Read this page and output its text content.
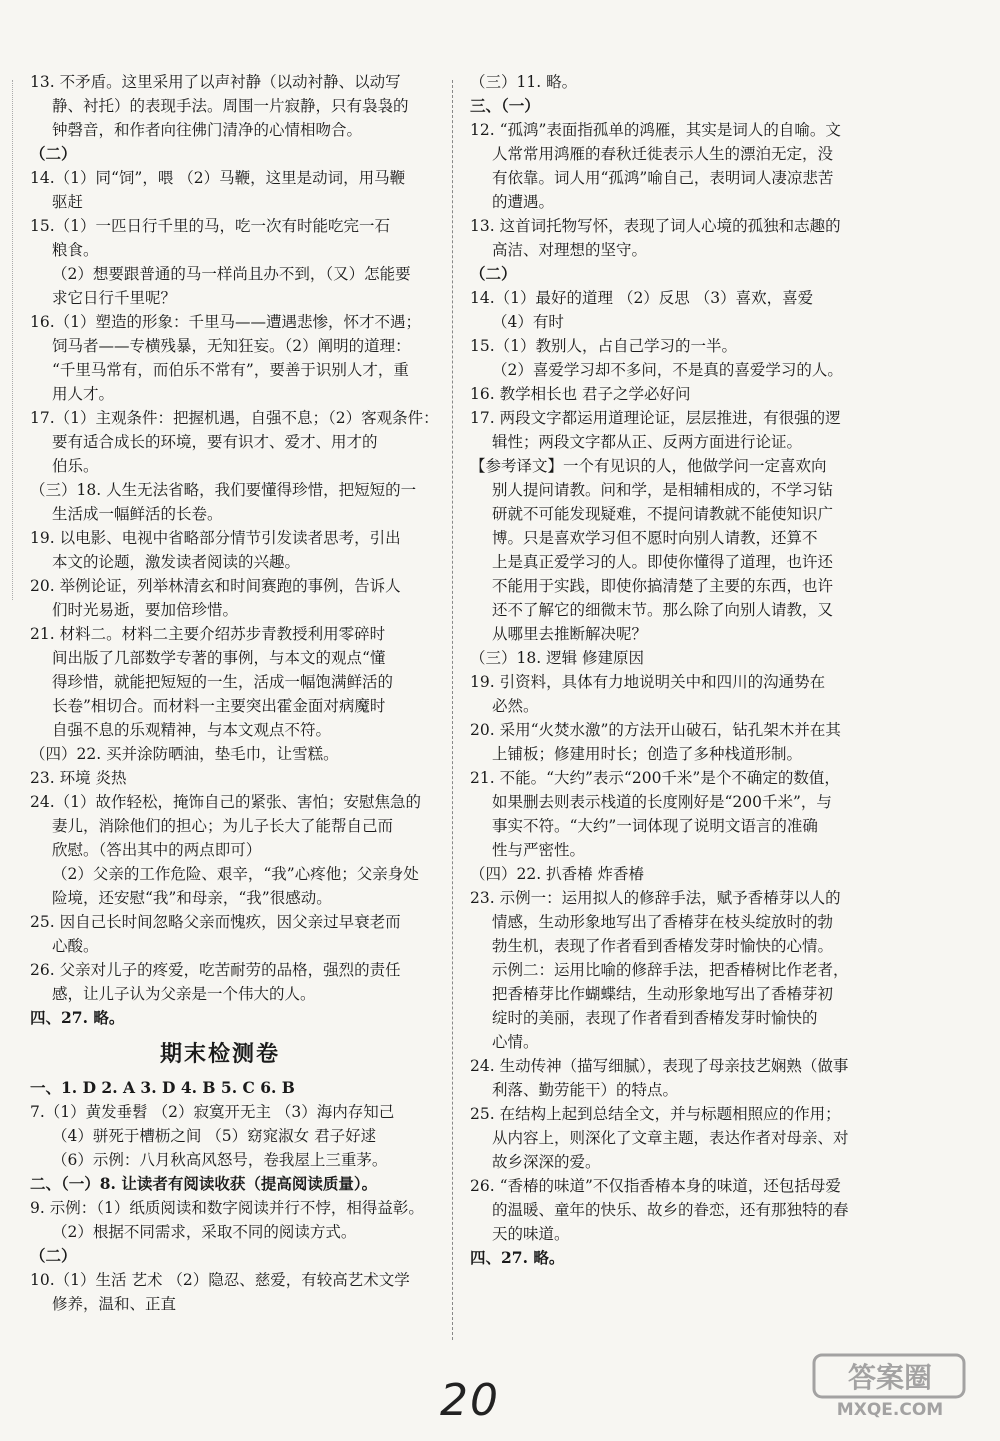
13. 不矛盾。这里采用了以声衬静（以动衬静、以动写
静、衬托）的表现手法。周围一片寂静，只有袅袅的
钟磬音，和作者向往佛门清净的心情相吻合。
（二）
14.（1）同“饲”，喂 （2）马鞭，这里是动词，用马鞭
驱赶
15.（1）一匹日行千里的马，吃一次有时能吃完一石
粮食。
（2）想要跟普通的马一样尚且办不到，（又）怎能要
求它日行千里呢？
16.（1）塑造的形象：千里马——遭遇悲惨，怀才不遇；
饲马者——专横残暴，无知狂妄。（2）阐明的道理：
“千里马常有，而伯乐不常有”，要善于识别人才，重
用人才。
17.（1）主观条件：把握机遇，自强不息；（2）客观条件：
要有适合成长的环境，要有识才、爱才、用才的
伯乐。
（三）18. 人生无法省略，我们要懂得珍惜，把短短的一
生活成一幅鲜活的长卷。
19. 以电影、电视中省略部分情节引发读者思考，引出
本文的论题，激发读者阅读的兴趣。
20. 举例论证，列举林清玄和时间赛跑的事例，告诉人
们时光易逝，要加倍珍惜。
21. 材料二。材料二主要介绍苏步青教授利用零碎时
间出版了几部数学专著的事例，与本文的观点“懂
得珍惜，就能把短短的一生，活成一幅饱满鲜活的
长卷”相切合。而材料一主要突出霍金面对病魔时
自强不息的乐观精神，与本文观点不符。
（四）22. 买并涂防晒油，垫毛巾，让雪糕。
23. 环境 炎热
24.（1）故作轻松，掩饰自己的紧张、害怕；安慰焦急的
妻儿，消除他们的担心；为儿子长大了能帮自己而
欣慰。（答出其中的两点即可）
（2）父亲的工作危险、艰辛，“我”心疼他；父亲身处
险境，还安慰“我”和母亲，“我”很感动。
25. 因自己长时间忽略父亲而愧疚，因父亲过早衰老而
心酸。
26. 父亲对儿子的疼爱，吃苦耐劳的品格，强烈的责任
感，让儿子认为父亲是一个伟大的人。
四、27. 略。
期末检测卷
一、1. D 2. A 3. D 4. B 5. C 6. B
7.（1）黄发垂髫 （2）寂寞开无主 （3）海内存知己
（4）骈死于槽枥之间 （5）窈窕淑女 君子好逑
（6）示例：八月秋高风怒号，卷我屋上三重茅。
二、（一）8. 让读者有阅读收获（提高阅读质量）。
9. 示例：（1）纸质阅读和数字阅读并行不悖，相得益彰。
（2）根据不同需求，采取不同的阅读方式。
（二）
10.（1）生活 艺术 （2）隐忍、慈爱，有较高艺术文学
修养，温和、正直
（三）11. 略。
三、（一）
12. “孤鸿”表面指孤单的鸿雁，其实是词人的自喻。文
人常常用鸿雁的春秋迁徙表示人生的漂泊无定，没
有依靠。词人用“孤鸿”喻自己，表明词人凄凉悲苦
的遭遇。
13. 这首词托物写怀，表现了词人心境的孤独和志趣的
高洁、对理想的坚守。
（二）
14.（1）最好的道理 （2）反思 （3）喜欢，喜爱
（4）有时
15.（1）教别人，占自己学习的一半。
（2）喜爱学习却不多问，不是真的喜爱学习的人。
16. 教学相长也 君子之学必好问
17. 两段文字都运用道理论证，层层推进，有很强的逻
辑性；两段文字都从正、反两方面进行论证。
【参考译文】一个有见识的人，他做学问一定喜欢向
别人提问请教。问和学，是相辅相成的，不学习钻
研就不可能发现疑难，不提问请教就不能使知识广
博。只是喜欢学习但不愿时向别人请教，还算不
上是真正爱学习的人。即使你懂得了道理，也许还
不能用于实践，即使你搞清楚了主要的东西，也许
还不了解它的细微末节。那么除了向别人请教，又
从哪里去推断解决呢？
（三）18. 逻辑 修建原因
19. 引资料，具体有力地说明关中和四川的沟通势在
必然。
20. 采用“火焚水激”的方法开山破石，钻孔架木并在其
上铺板；修建用时长；创造了多种栈道形制。
21. 不能。“大约”表示“200千米”是个不确定的数值，
如果删去则表示栈道的长度刚好是“200千米”，与
事实不符。“大约”一词体现了说明文语言的准确
性与严密性。
（四）22. 扒香椿 炸香椿
23. 示例一：运用拟人的修辞手法，赋予香椿芽以人的
情感，生动形象地写出了香椿芽在枝头绽放时的勃
勃生机，表现了作者看到香椿发芽时愉快的心情。
示例二：运用比喻的修辞手法，把香椿树比作老者，
把香椿芽比作蝴蝶结，生动形象地写出了香椿芽初
绽时的美丽，表现了作者看到香椿发芽时愉快的
心情。
24. 生动传神（描写细腻），表现了母亲技艺娴熟（做事
利落、勤劳能干）的特点。
25. 在结构上起到总结全文，并与标题相照应的作用；
从内容上，则深化了文章主题，表达作者对母亲、对
故乡深深的爱。
26. “香椿的味道”不仅指香椿本身的味道，还包括母爱
的温暖、童年的快乐、故乡的眷恋，还有那独特的春
天的味道。
四、27. 略。
20	答案圈
MXQE.COM
